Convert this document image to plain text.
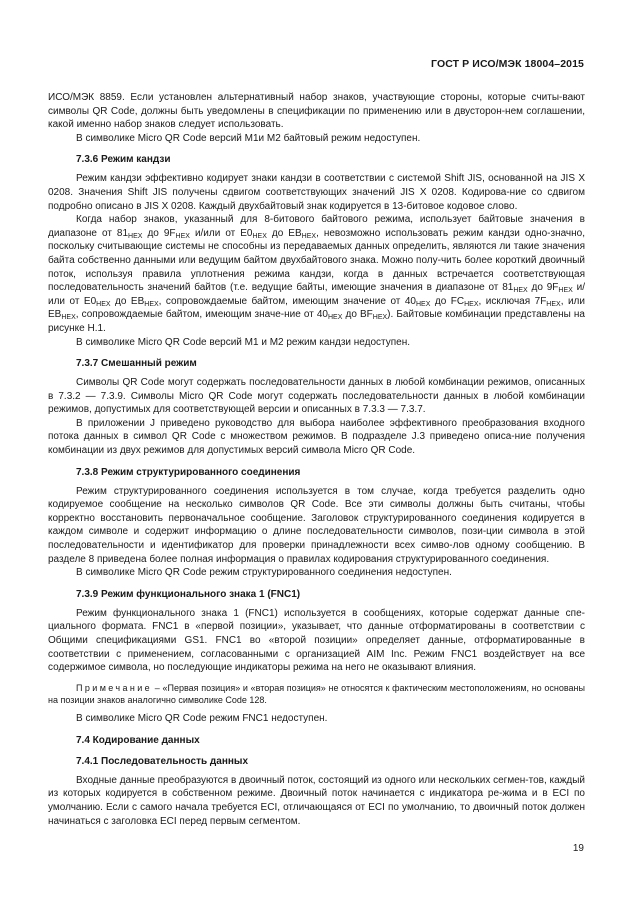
ГОСТ Р ИСО/МЭК 18004–2015

ИСО/МЭК 8859. Если установлен альтернативный набор знаков, участвующие стороны, которые считы-вают символы QR Code, должны быть уведомлены в спецификации по применению или в двусторон-нем соглашении, какой именно набор знаков следует использовать.

В символике Micro QR Code версий M1и M2 байтовый режим недоступен.

7.3.6 Режим кандзи

Режим кандзи эффективно кодирует знаки кандзи в соответствии с системой Shift JIS, основанной на JIS X 0208. Значения Shift JIS получены сдвигом соответствующих значений JIS X 0208. Кодирова-ние со сдвигом подробно описано в JIS X 0208. Каждый двухбайтовый знак кодируется в 13-битовое кодовое слово.

Когда набор знаков, указанный для 8-битового байтового режима, использует байтовые значения в диапазоне от $81_{HEX}$ до $9F_{HEX}$ и/или от $E0_{HEX}$ до $EB_{HEX}$, невозможно использовать режим кандзи одно-значно, поскольку считывающие системы не способны из передаваемых данных определить, являются ли такие значения байта собственно данными или ведущим байтом двухбайтового знака. Можно полу-чить более короткий двоичный поток, используя правила уплотнения режима кандзи, когда в данных встречается соответствующая последовательность значений байтов (т.е. ведущие байты, имеющие значения в диапазоне от $81_{HEX}$ до $9F_{HEX}$ и/или от $E0_{HEX}$ до $EB_{HEX}$, сопровождаемые байтом, имеющим значение от $40_{HEX}$ до $FC_{HEX}$, исключая $7F_{HEX}$, или $EB_{HEX}$, сопровождаемые байтом, имеющим значе-ние от $40_{HEX}$ до $BF_{HEX}$). Байтовые комбинации представлены на рисунке H.1.

В символике Micro QR Code версий M1 и M2 режим кандзи недоступен.

7.3.7 Смешанный режим

Символы QR Code могут содержать последовательности данных в любой комбинации режимов, описанных в 7.3.2 — 7.3.9. Символы Micro QR Code могут содержать последовательности данных в любой комбинации режимов, допустимых для соответствующей версии и описанных в 7.3.3 — 7.3.7.

В приложении J приведено руководство для выбора наиболее эффективного преобразования входного потока данных в символ QR Code с множеством режимов. В подразделе J.3 приведено описа-ние получения комбинации из двух режимов для допустимых версий символа Micro QR Code.

7.3.8 Режим структурированного соединения

Режим структурированного соединения используется в том случае, когда требуется разделить одно кодируемое сообщение на несколько символов QR Code. Все эти символы должны быть считаны, чтобы корректно восстановить первоначальное сообщение. Заголовок структурированного соединения кодируется в каждом символе и содержит информацию о длине последовательности символов, пози-ции символа в этой последовательности и идентификатор для проверки принадлежности всех симво-лов одному сообщению. В разделе 8 приведена более полная информация о правилах кодирования структурированного соединения.

В символике Micro QR Code режим структурированного соединения недоступен.

7.3.9 Режим функционального знака 1 (FNC1)

Режим функционального знака 1 (FNC1) используется в сообщениях, которые содержат данные спе-циального формата. FNC1 в «первой позиции», указывает, что данные отформатированы в соответствии с Общими спецификациями GS1. FNC1 во «второй позиции» определяет данные, отформатированные в соответствии с применением, согласованными с организацией AIM Inc. Режим FNC1 воздействует на все содержимое символа, но последующие индикаторы режима на него не оказывают влияния.

Примечание – «Первая позиция» и «вторая позиция» не относятся к фактическим местоположениям, но основаны на позиции знаков аналогично символике Code 128.

В символике Micro QR Code режим FNC1 недоступен.

7.4 Кодирование данных
7.4.1 Последовательность данных

Входные данные преобразуются в двоичный поток, состоящий из одного или нескольких сегмен-тов, каждый из которых кодируется в собственном режиме. Двоичный поток начинается с индикатора ре-жима и в ECI по умолчанию. Если с самого начала требуется ECI, отличающаяся от ECI по умолчанию, то двоичный поток должен начинаться с заголовка ECI перед первым сегментом.

19
